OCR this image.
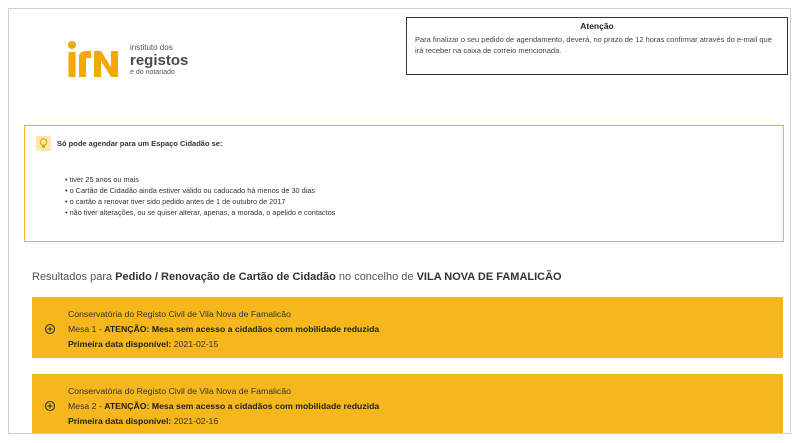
instituto dos
registos
e do notariado
Atenção
Para finalizar o seu pedido de agendamento, deverá, no prazo de 12 horas confirmar através do e-mail que irá receber na caixa de correio mencionada.
Só pode agendar para um Espaço Cidadão se:
• tiver 25 anos ou mais
• o Cartão de Cidadão ainda estiver válido ou caducado há menos de 30 dias
• o cartão a renovar tiver sido pedido antes de 1 de outubro de 2017
• não tiver alterações, ou se quiser alterar, apenas, a morada, o apelido e contactos
Resultados para Pedido / Renovação de Cartão de Cidadão no concelho de VILA NOVA DE FAMALICÃO
Conservatória do Registo Civil de Vila Nova de Famalicão
Mesa 1 - ATENÇÃO: Mesa sem acesso a cidadãos com mobilidade reduzida
Primeira data disponível: 2021-02-15
Conservatória do Registo Civil de Vila Nova de Famalicão
Mesa 2 - ATENÇÃO: Mesa sem acesso a cidadãos com mobilidade reduzida
Primeira data disponível: 2021-02-16
